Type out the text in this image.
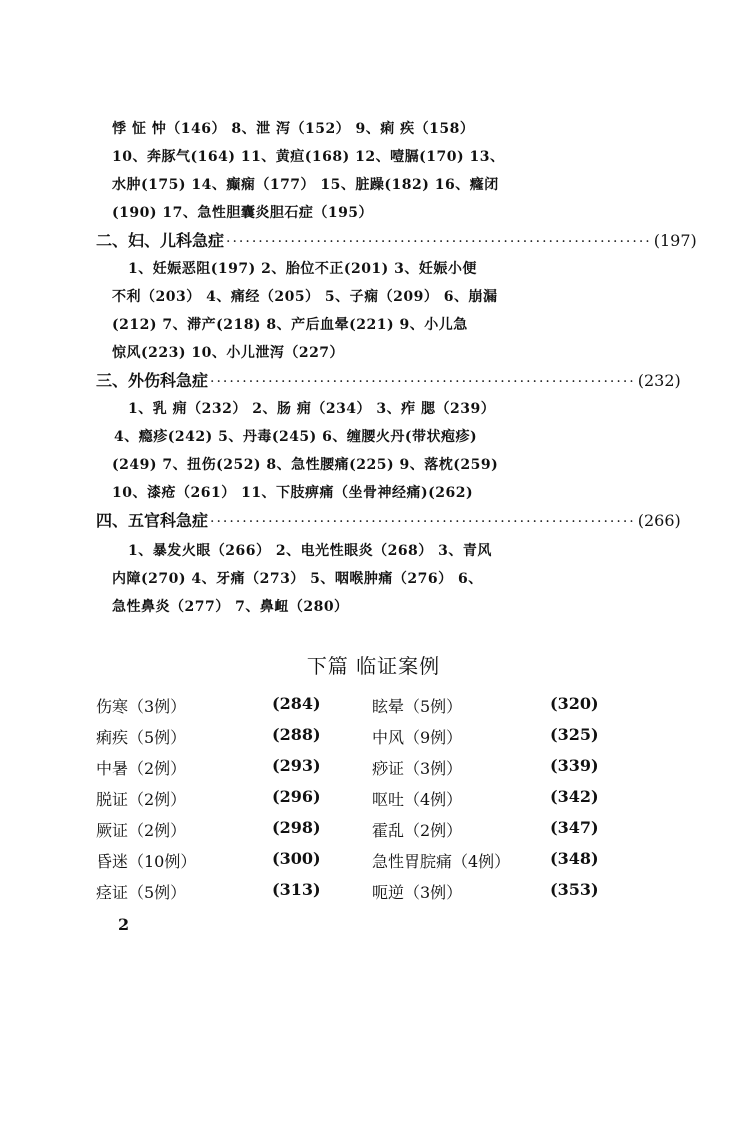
悸 怔 忡（146） 8、泄 泻（152） 9、痢 疾（158）
10、奔豚气(164) 11、黄疸(168) 12、噎膈(170) 13、
水肿(175) 14、癫痫（177） 15、脏躁(182) 16、癃闭
(190) 17、急性胆囊炎胆石症（195）
二、妇、儿科急症 ·································································· (197)
1、妊娠恶阻(197) 2、胎位不正(201) 3、妊娠小便
不利（203） 4、痛经（205） 5、子痫（209） 6、崩漏
(212) 7、滞产(218) 8、产后血晕(221) 9、小儿急
惊风(223) 10、小儿泄泻（227）
三、外伤科急症 ·································································· (232)
1、乳 痈（232） 2、肠 痈（234） 3、痄 腮（239）
4、瘾疹(242) 5、丹毒(245) 6、缠腰火丹(带状疱疹)
(249) 7、扭伤(252) 8、急性腰痛(225) 9、落枕(259)
10、漆疮（261） 11、下肢痹痛（坐骨神经痛)(262)
四、五官科急症 ·································································· (266)
1、暴发火眼（266） 2、电光性眼炎（268） 3、青风
内障(270) 4、牙痛（273） 5、咽喉肿痛（276） 6、
急性鼻炎（277） 7、鼻衄（280）
下篇 临证案例
伤寒（3例）	(284)	眩晕（5例）	(320)
痢疾（5例）	(288)	中风（9例）	(325)
中暑（2例）	(293)	痧证（3例）	(339)
脱证（2例）	(296)	呕吐（4例）	(342)
厥证（2例）	(298)	霍乱（2例）	(347)
昏迷（10例）	(300)	急性胃脘痛（4例） (348)
痉证（5例）	(313)	呃逆（3例）	(353)
2
